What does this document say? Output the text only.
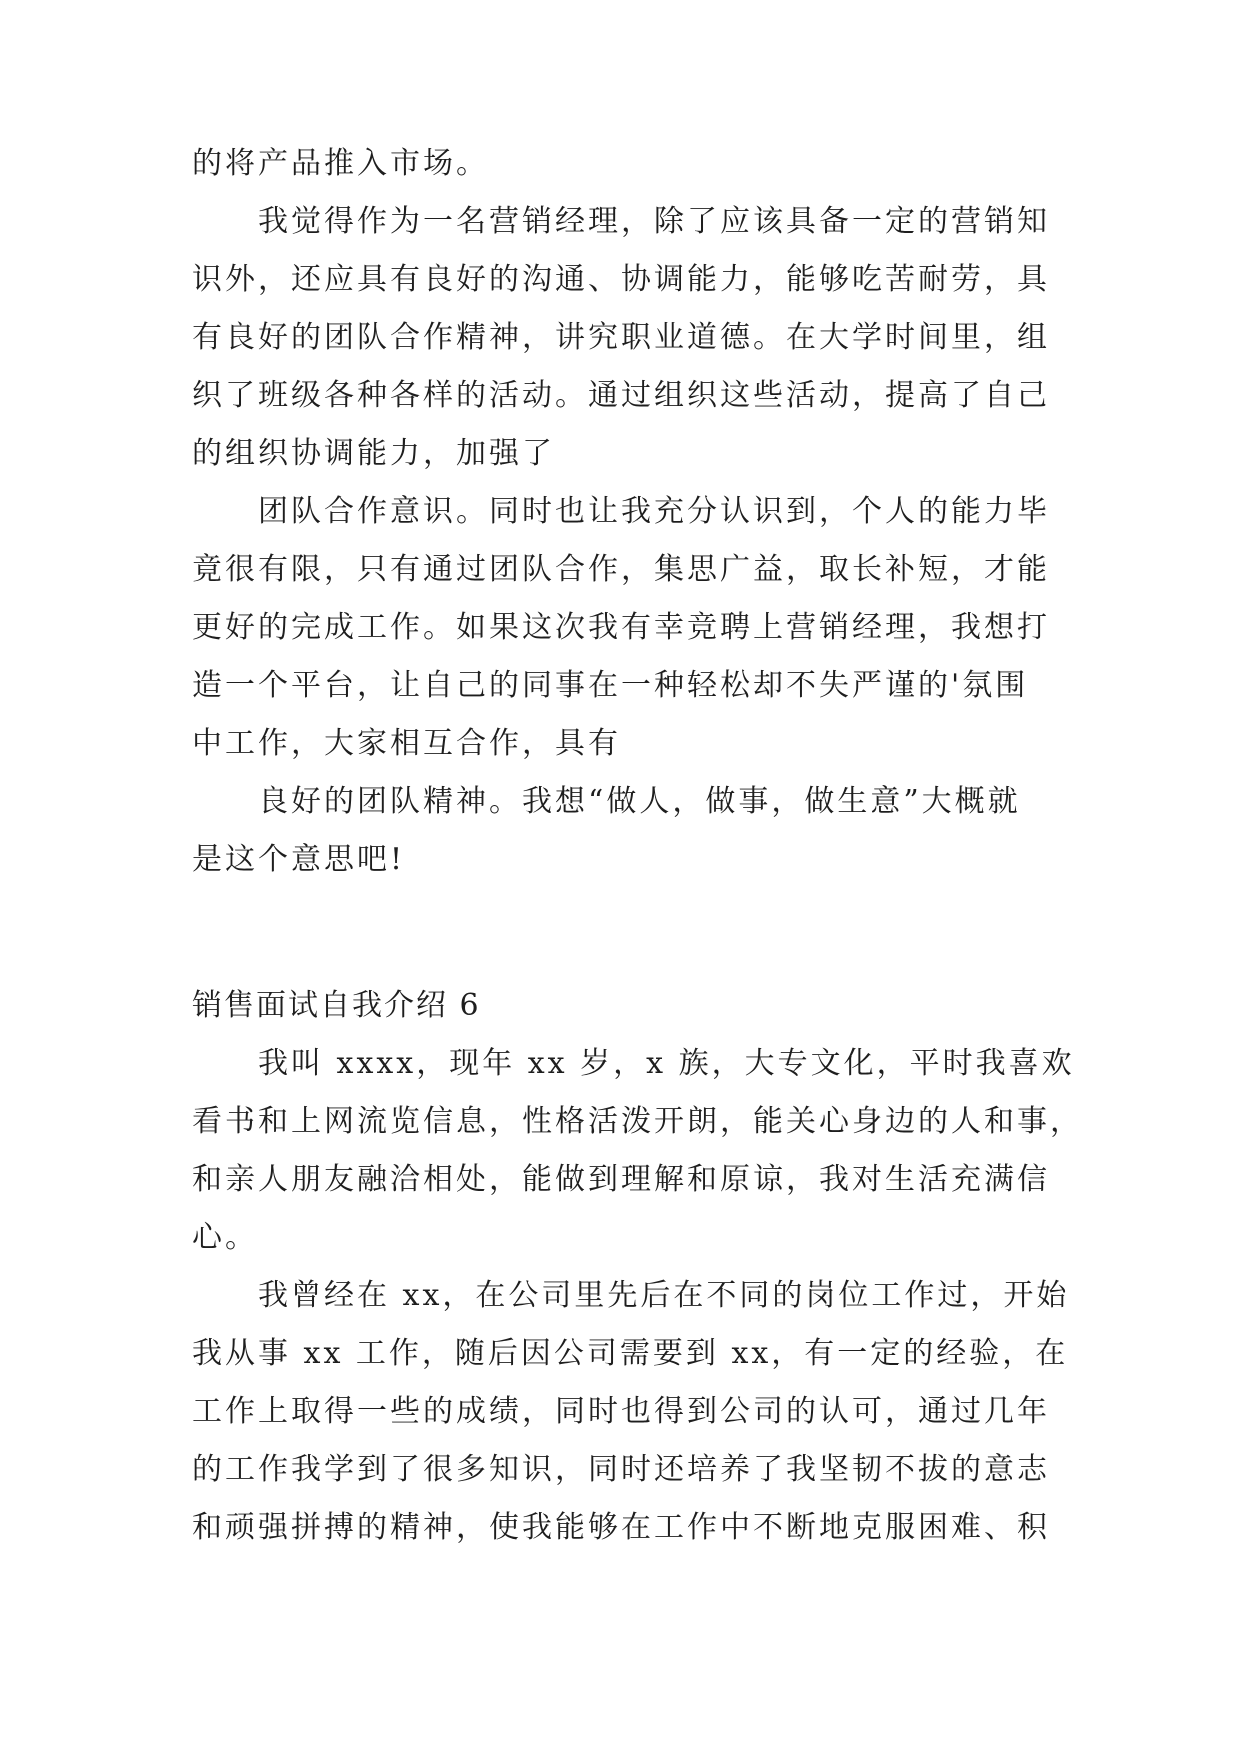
的将产品推入市场。
我觉得作为一名营销经理，除了应该具备一定的营销知
识外，还应具有良好的沟通、协调能力，能够吃苦耐劳，具
有良好的团队合作精神，讲究职业道德。在大学时间里，组
织了班级各种各样的活动。通过组织这些活动，提高了自己
的组织协调能力，加强了
团队合作意识。同时也让我充分认识到，个人的能力毕
竟很有限，只有通过团队合作，集思广益，取长补短，才能
更好的完成工作。如果这次我有幸竞聘上营销经理，我想打
造一个平台，让自己的同事在一种轻松却不失严谨的'氛围
中工作，大家相互合作，具有
良好的团队精神。我想“做人，做事，做生意”大概就
是这个意思吧!
销售面试自我介绍 6
我叫 xxxx，现年 xx 岁，x 族，大专文化，平时我喜欢
看书和上网流览信息，性格活泼开朗，能关心身边的人和事，
和亲人朋友融洽相处，能做到理解和原谅，我对生活充满信
心。
我曾经在 xx，在公司里先后在不同的岗位工作过，开始
我从事 xx 工作，随后因公司需要到 xx，有一定的经验，在
工作上取得一些的成绩，同时也得到公司的认可，通过几年
的工作我学到了很多知识，同时还培养了我坚韧不拔的意志
和顽强拼搏的精神，使我能够在工作中不断地克服困难、积
